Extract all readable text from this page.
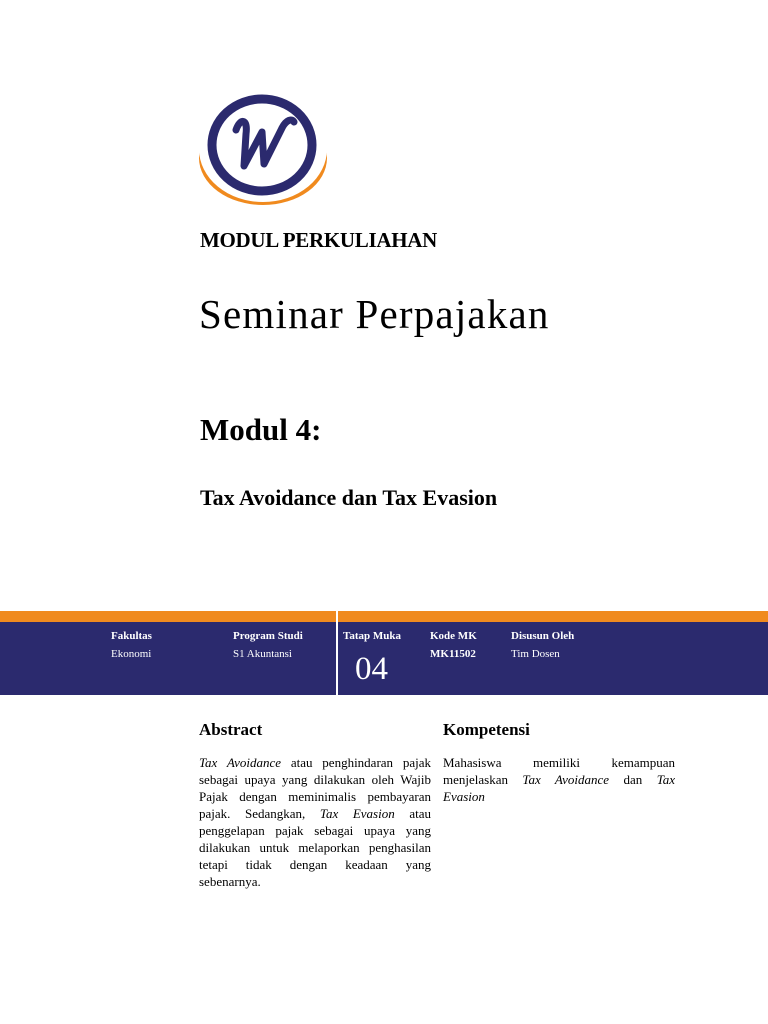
MODUL PERKULIAHAN
Seminar Perpajakan
Modul 4:
Tax Avoidance dan Tax Evasion
Fakultas
Ekonomi
Program Studi
S1 Akuntansi
Tatap Muka
04
Kode MK
MK11502
Disusun Oleh
Tim Dosen
Abstract

Tax Avoidance atau penghindaran pajak sebagai upaya yang dilakukan oleh Wajib Pajak dengan meminimalis pembayaran pajak. Sedangkan, Tax Evasion atau penggelapan pajak sebagai upaya yang dilakukan untuk melaporkan penghasilan tetapi tidak dengan keadaan yang sebenarnya.

Kompetensi

Mahasiswa memiliki kemampuan menjelaskan Tax Avoidance dan Tax Evasion
